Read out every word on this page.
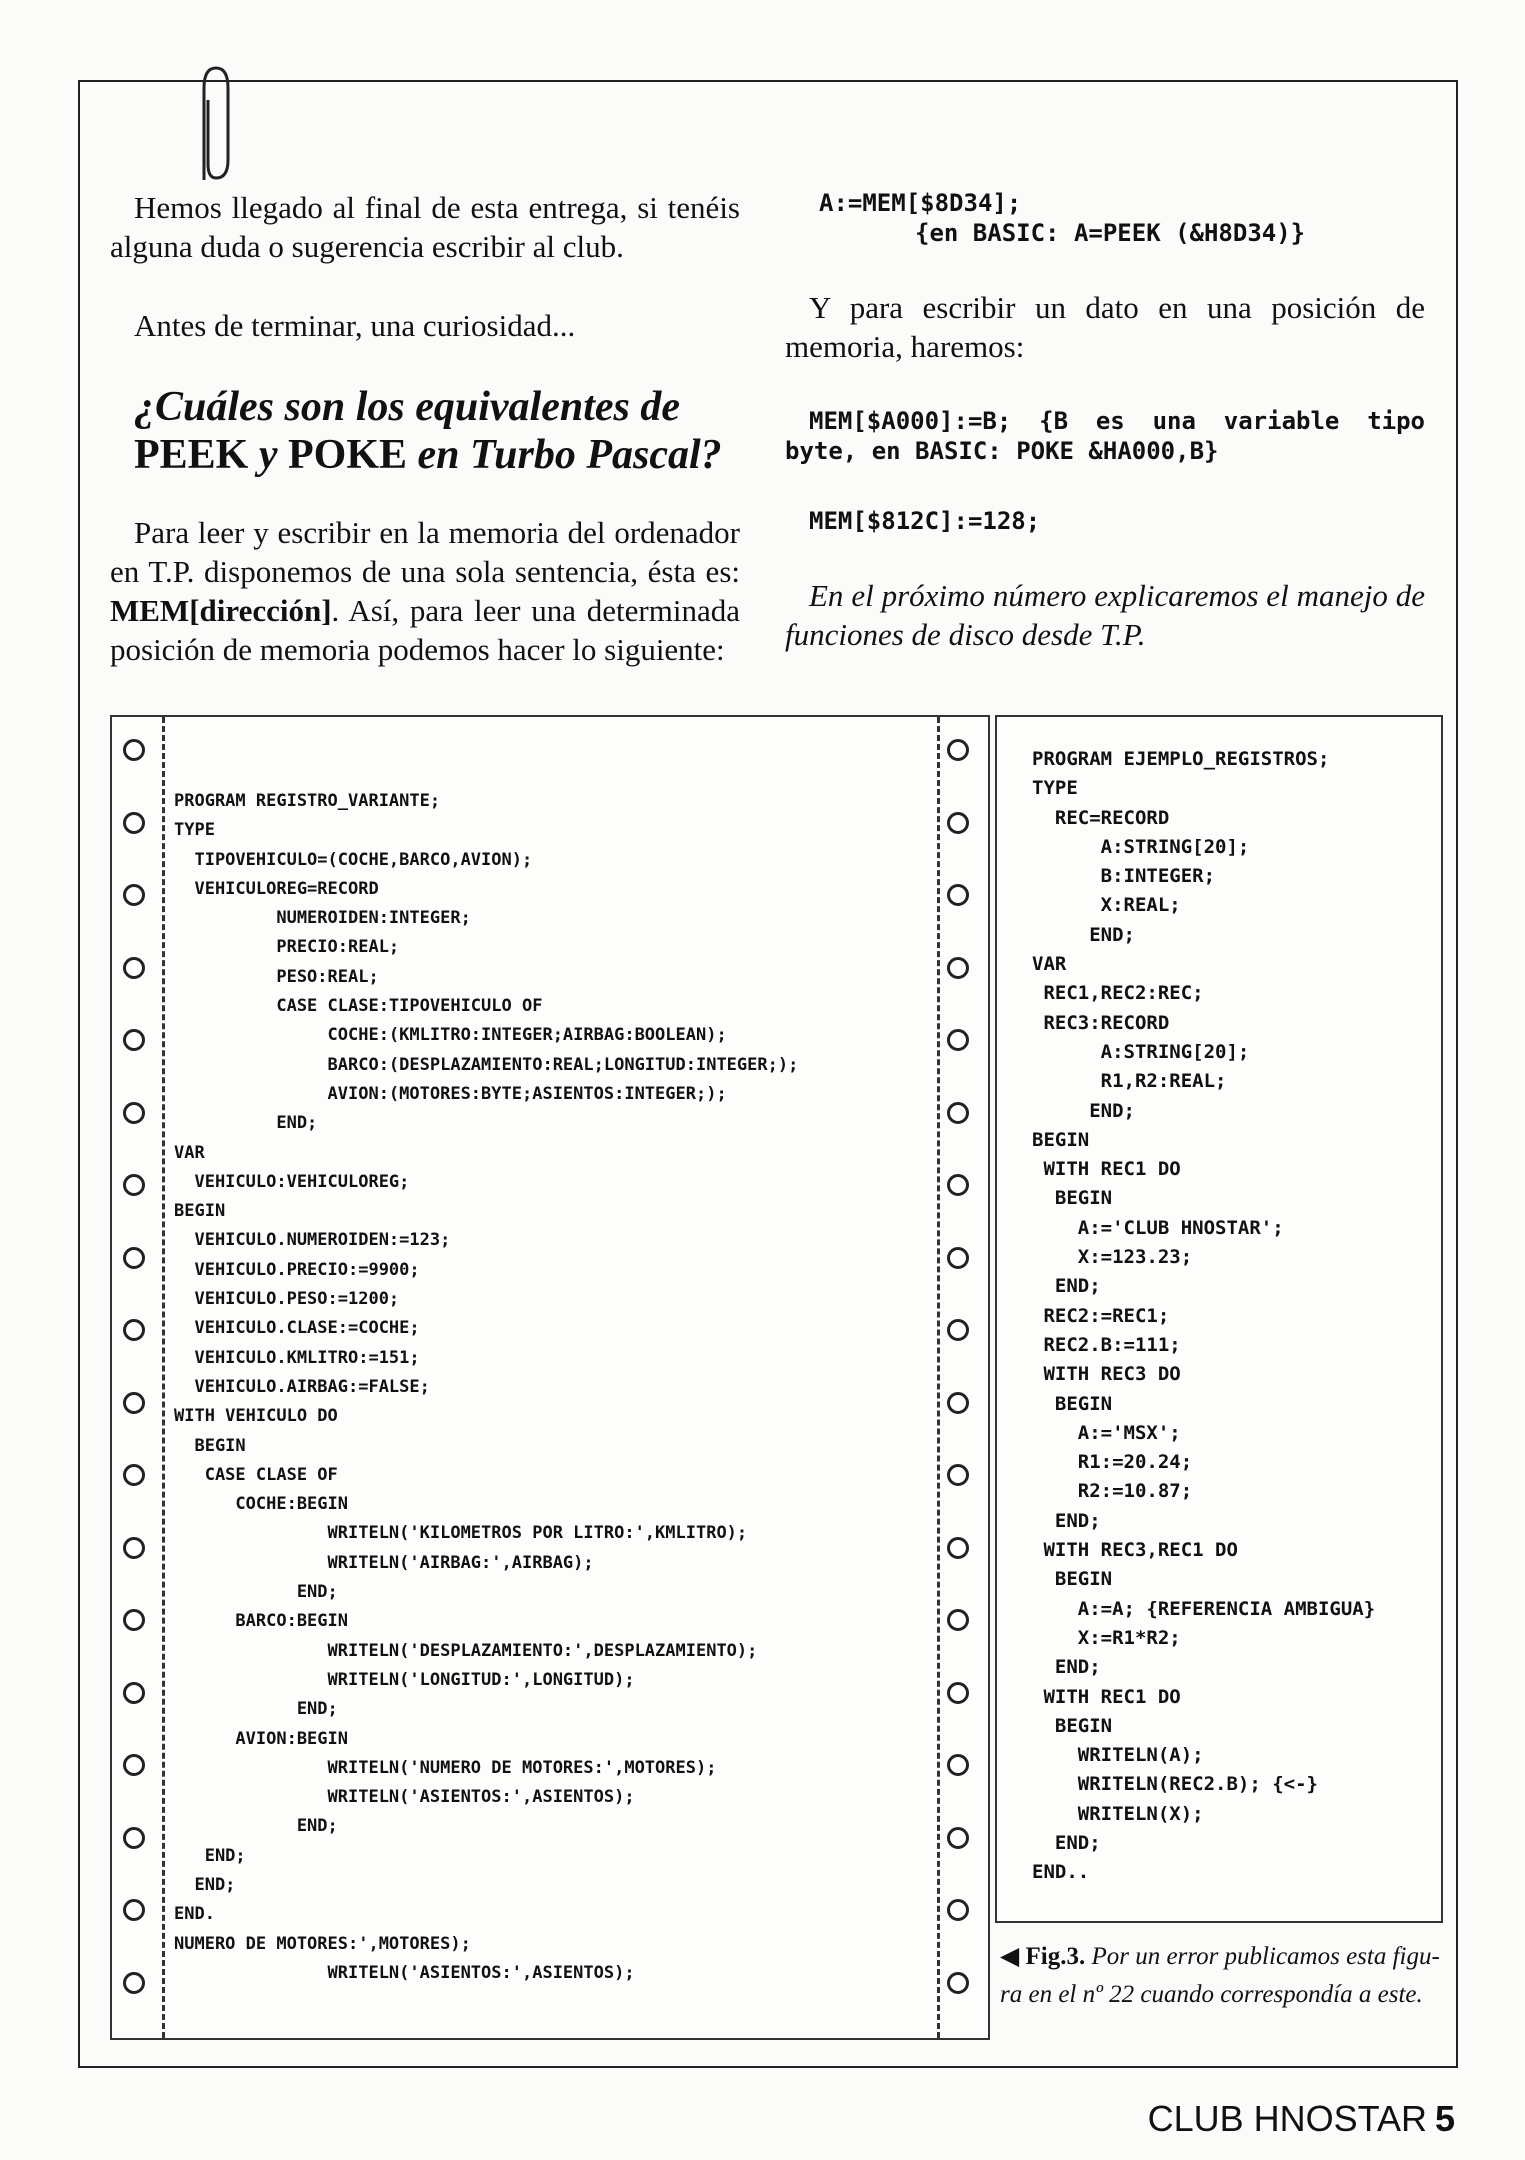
Hemos llegado al final de esta entrega, si tenéis alguna duda o sugerencia escribir al club.

Antes de terminar, una curiosidad...

¿Cuáles son los equivalentes de
PEEK y POKE en Turbo Pascal?

Para leer y escribir en la memoria del ordenador en T.P. disponemos de una sola sentencia, ésta es: MEM[dirección]. Así, para leer una determinada posición de memoria podemos hacer lo siguiente:

A:=MEM[$8D34];

{en BASIC: A=PEEK (&H8D34)}

Y para escribir un dato en una posición de memoria, haremos:

MEM[$A000]:=B; {B es una variable tipo byte, en BASIC: POKE &HA000,B}

MEM[$812C]:=128;

En el próximo número explicaremos el manejo de funciones de disco desde T.P.

PROGRAM REGISTRO_VARIANTE;
TYPE
TIPOVEHICULO=(COCHE,BARCO,AVION);
VEHICULOREG=RECORD
NUMEROIDEN:INTEGER;
PRECIO:REAL;
PESO:REAL;
CASE CLASE:TIPOVEHICULO OF
COCHE:(KMLITRO:INTEGER;AIRBAG:BOOLEAN);
BARCO:(DESPLAZAMIENTO:REAL;LONGITUD:INTEGER;);
AVION:(MOTORES:BYTE;ASIENTOS:INTEGER;);
END;
VAR
VEHICULO:VEHICULOREG;
BEGIN
VEHICULO.NUMEROIDEN:=123;
VEHICULO.PRECIO:=9900;
VEHICULO.PESO:=1200;
VEHICULO.CLASE:=COCHE;
VEHICULO.KMLITRO:=151;
VEHICULO.AIRBAG:=FALSE;
WITH VEHICULO DO
BEGIN
CASE CLASE OF
COCHE:BEGIN
WRITELN('KILOMETROS POR LITRO:',KMLITRO);
WRITELN('AIRBAG:',AIRBAG);
END;
BARCO:BEGIN
WRITELN('DESPLAZAMIENTO:',DESPLAZAMIENTO);
WRITELN('LONGITUD:',LONGITUD);
END;
AVION:BEGIN
WRITELN('NUMERO DE MOTORES:',MOTORES);
WRITELN('ASIENTOS:',ASIENTOS);
END;
END;
END;
END.
NUMERO DE MOTORES:',MOTORES);
WRITELN('ASIENTOS:',ASIENTOS);
PROGRAM EJEMPLO_REGISTROS;
TYPE
REC=RECORD
A:STRING[20];
B:INTEGER;
X:REAL;
END;
VAR
REC1,REC2:REC;
REC3:RECORD
A:STRING[20];
R1,R2:REAL;
END;
BEGIN
WITH REC1 DO
BEGIN
A:='CLUB HNOSTAR';
X:=123.23;
END;
REC2:=REC1;
REC2.B:=111;
WITH REC3 DO
BEGIN
A:='MSX';
R1:=20.24;
R2:=10.87;
END;
WITH REC3,REC1 DO
BEGIN
A:=A; {REFERENCIA AMBIGUA}
X:=R1*R2;
END;
WITH REC1 DO
BEGIN
WRITELN(A);
WRITELN(REC2.B); {<-}
WRITELN(X);
END;
END..
◀ Fig.3. Por un error publicamos esta figura en el nº 22 cuando correspondía a este.
CLUB HNOSTAR 5
